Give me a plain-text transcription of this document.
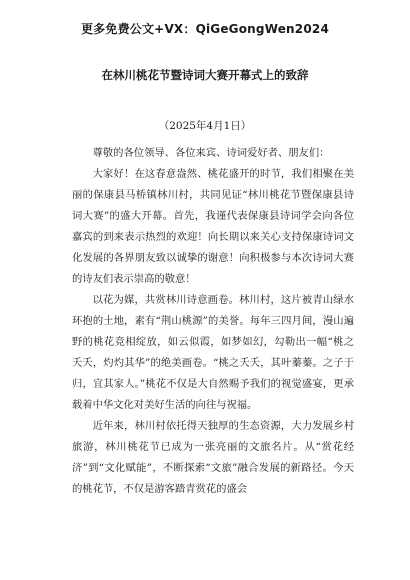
更多免费公文+VX：QiGeGongWen2024
在林川桃花节暨诗词大赛开幕式上的致辞
（2025年4月1日）

尊敬的各位领导、各位来宾、诗词爱好者、朋友们：

大家好！在这春意盎然、桃花盛开的时节，我们相聚在美丽的保康县马桥镇林川村，共同见证“林川桃花节暨保康县诗词大赛”的盛大开幕。首先，我谨代表保康县诗词学会向各位嘉宾的到来表示热烈的欢迎！向长期以来关心支持保康诗词文化发展的各界朋友致以诚挚的谢意！向积极参与本次诗词大赛的诗友们表示崇高的敬意！

以花为媒，共赏林川诗意画卷。林川村，这片被青山绿水环抱的土地，素有“荆山桃源”的美誉。每年三四月间，漫山遍野的桃花竞相绽放，如云似霞，如梦如幻，勾勒出一幅“桃之夭夭，灼灼其华”的绝美画卷。“桃之夭夭，其叶蓁蓁。之子于归，宜其家人。”桃花不仅是大自然赐予我们的视觉盛宴，更承载着中华文化对美好生活的向往与祝福。

近年来，林川村依托得天独厚的生态资源，大力发展乡村旅游，林川桃花节已成为一张亮丽的文旅名片。从“赏花经济”到“文化赋能”，不断探索“文旅”融合发展的新路径。今天的桃花节，不仅是游客踏青赏花的盛会
